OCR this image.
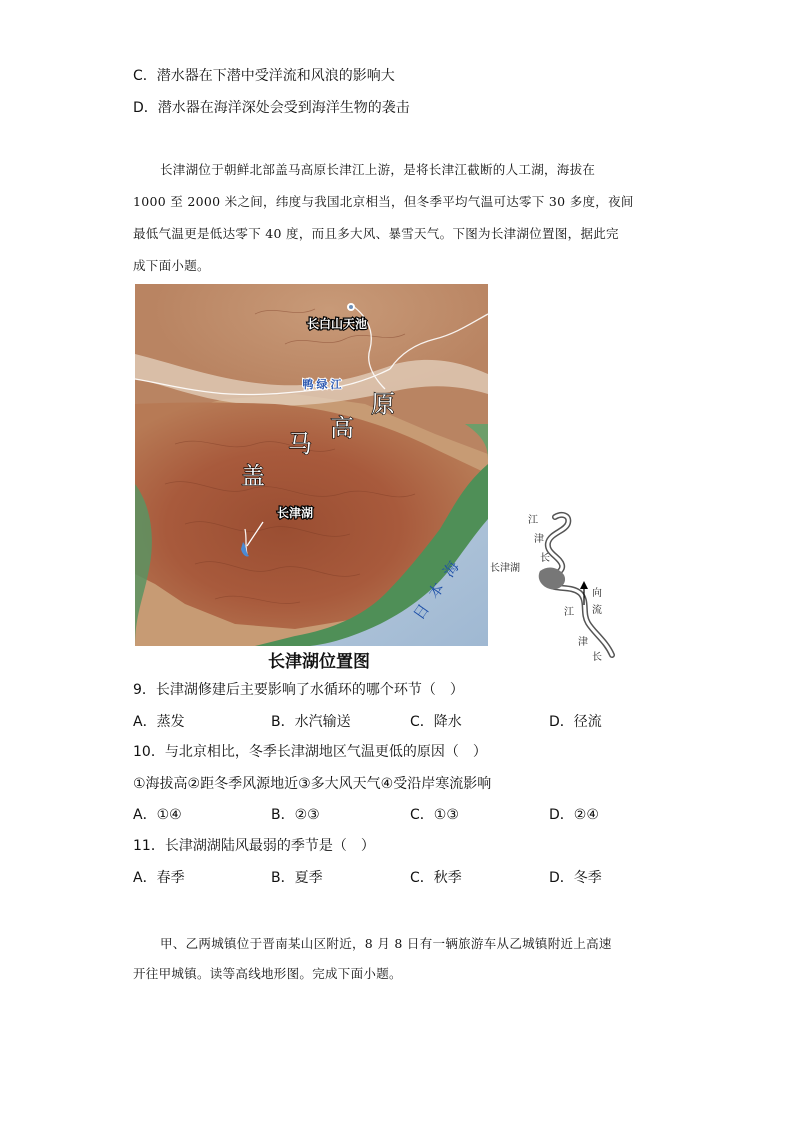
C．潜水器在下潜中受洋流和风浪的影响大
D．潜水器在海洋深处会受到海洋生物的袭击
长津湖位于朝鲜北部盖马高原长津江上游，是将长津江截断的人工湖，海拔在
1000 至 2000 米之间，纬度与我国北京相当，但冬季平均气温可达零下 30 多度，夜间
最低气温更是低达零下 40 度，而且多大风、暴雪天气。下图为长津湖位置图，据此完
成下面小题。
长白山天池
鸭 绿 江
盖
马
高
原
长津湖
日
本
海
长津湖位置图
江
津
长
长津湖
向
流
江
津
长
9．长津湖修建后主要影响了水循环的哪个环节（　）
A．蒸发	B．水汽输送	C．降水	D．径流
10．与北京相比，冬季长津湖地区气温更低的原因（　）
①海拔高②距冬季风源地近③多大风天气④受沿岸寒流影响
A．①④	B．②③	C．①③	D．②④
11．长津湖湖陆风最弱的季节是（　）
A．春季	B．夏季	C．秋季	D．冬季
甲、乙两城镇位于晋南某山区附近，8 月 8 日有一辆旅游车从乙城镇附近上高速
开往甲城镇。读等高线地形图。完成下面小题。
